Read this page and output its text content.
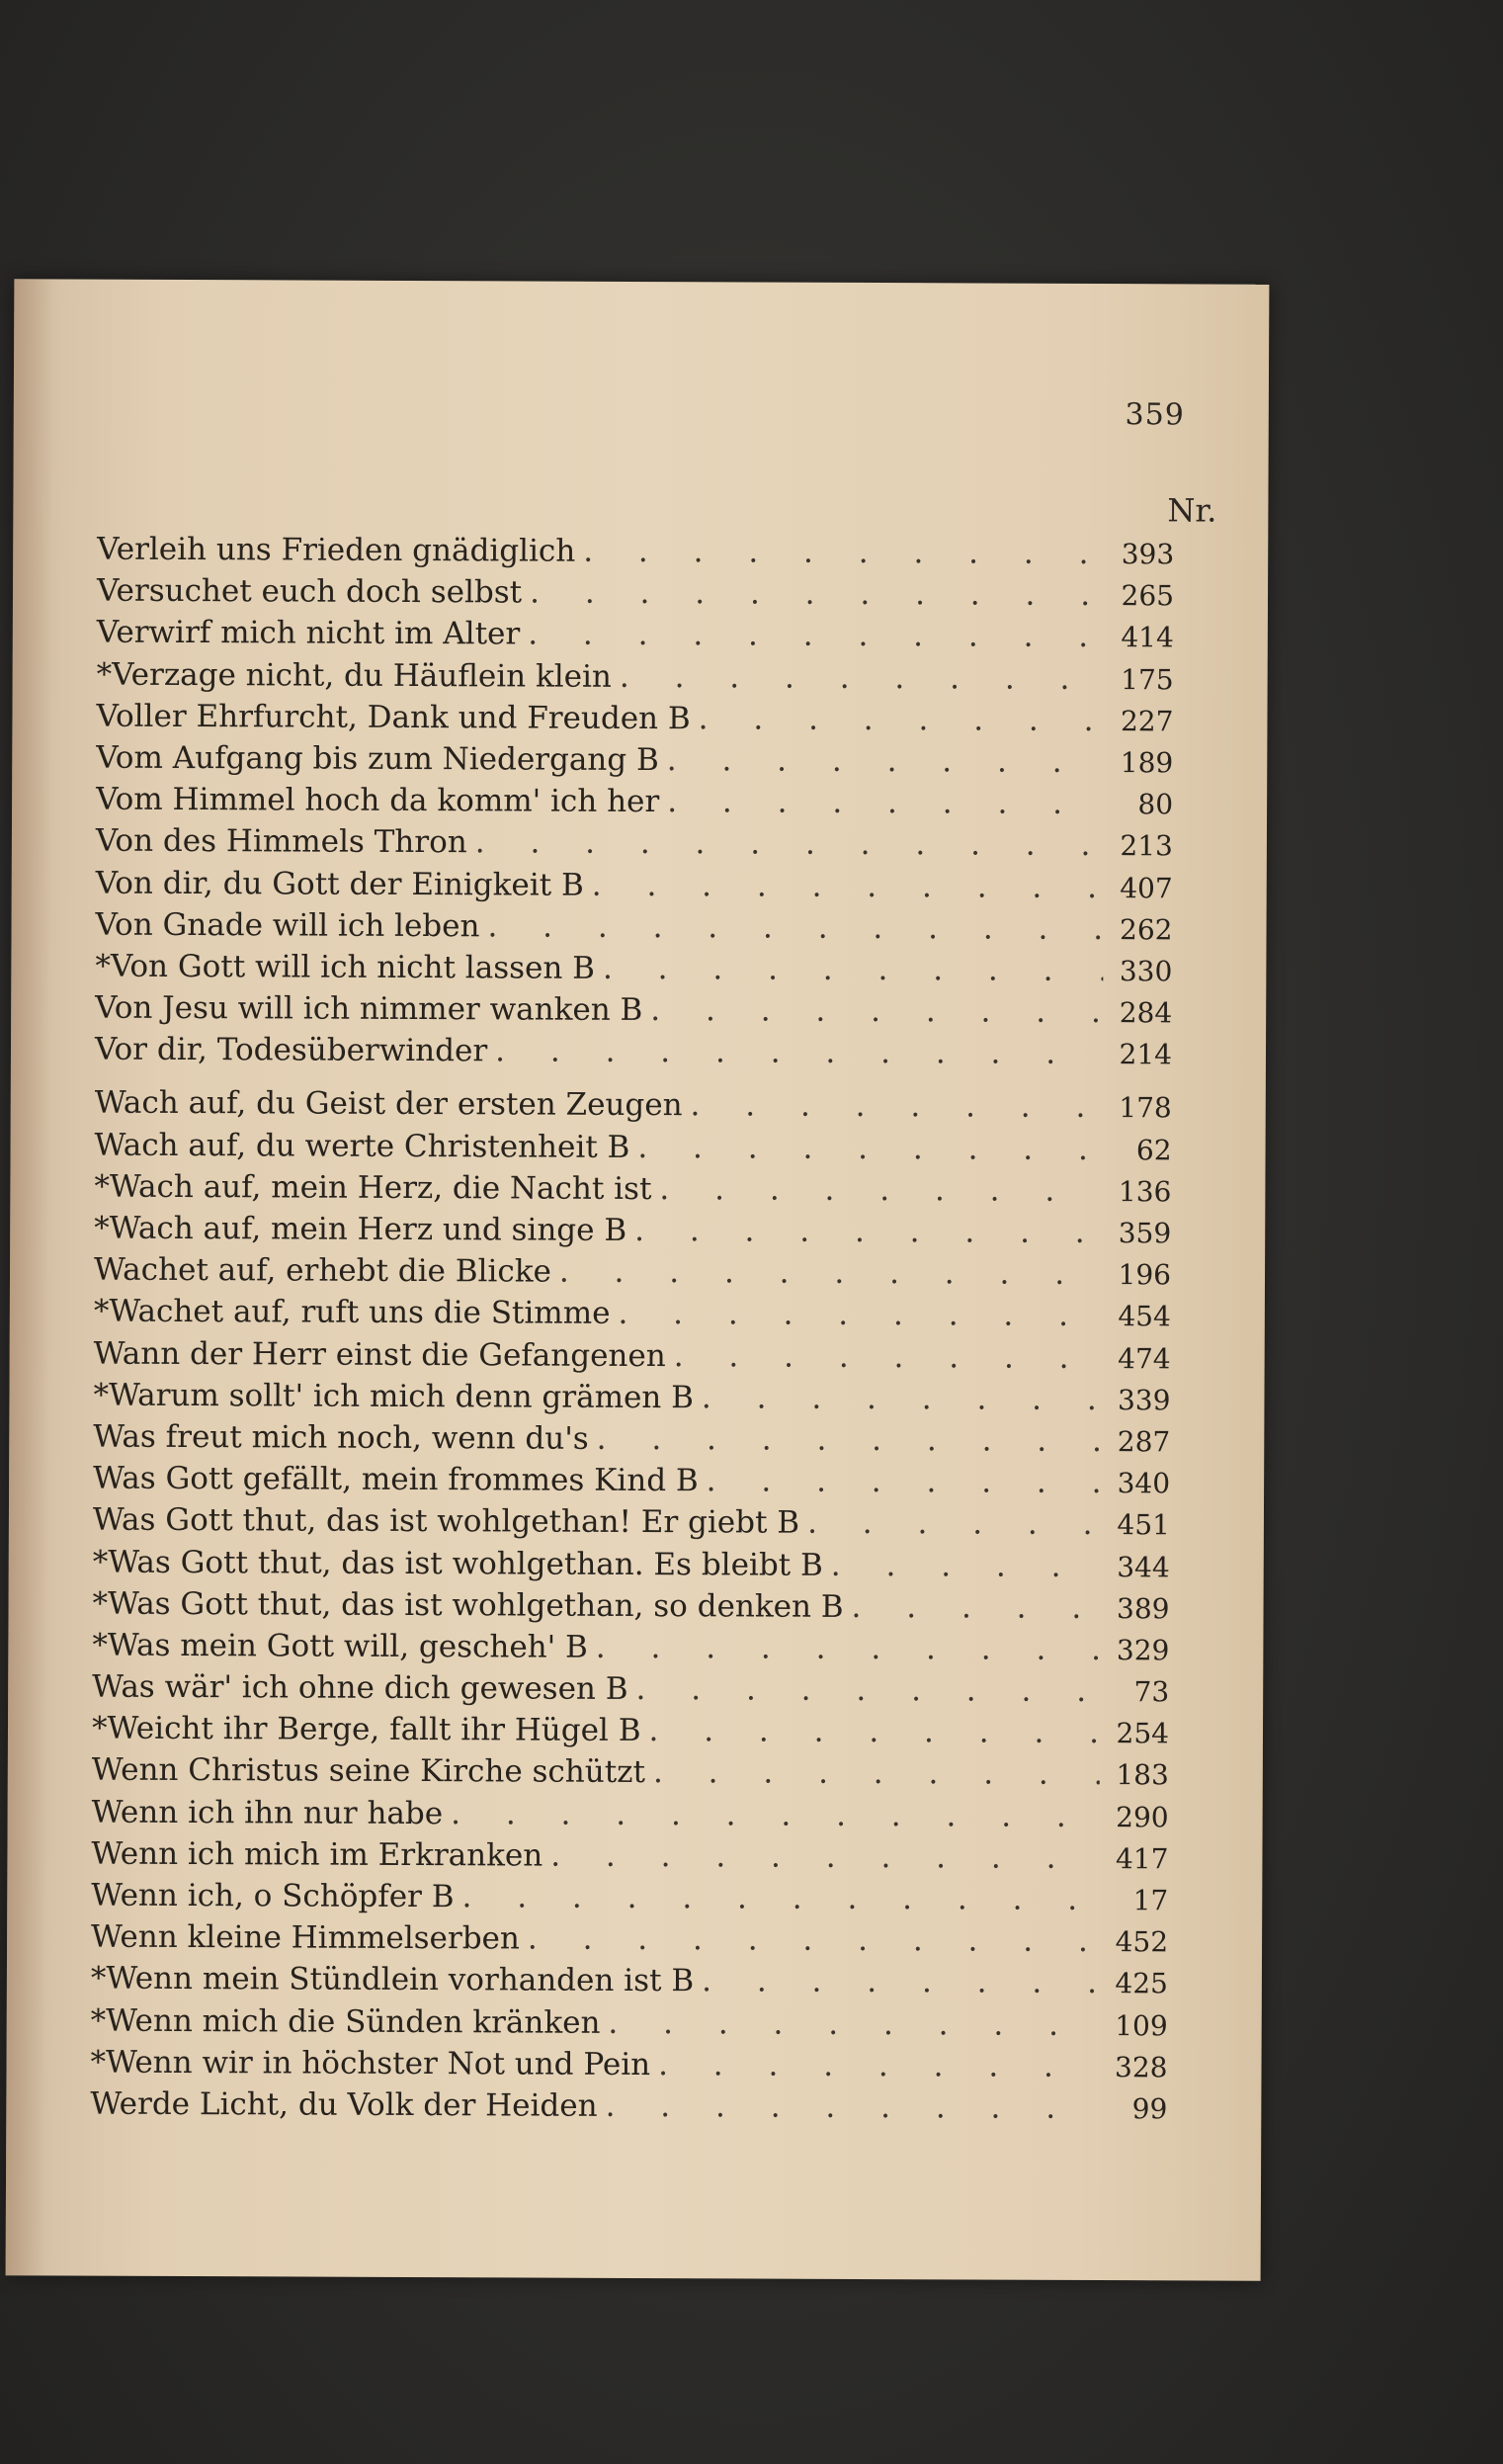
359
Nr.
Verleih uns Frieden gnädiglich . . .	393
Versuchet euch doch selbst . . .	265
Verwirf mich nicht im Alter . . .	414
*Verzage nicht, du Häuflein klein . . .	175
Voller Ehrfurcht, Dank und Freuden B . . .	227
Vom Aufgang bis zum Niedergang B . . .	189
Vom Himmel hoch da komm' ich her . . .	80
Von des Himmels Thron . . .	213
Von dir, du Gott der Einigkeit B . . .	407
Von Gnade will ich leben . . .	262
*Von Gott will ich nicht lassen B . . .	330
Von Jesu will ich nimmer wanken B . . .	284
Vor dir, Todesüberwinder . . .	214
Wach auf, du Geist der ersten Zeugen . . .	178
Wach auf, du werte Christenheit B . . .	62
*Wach auf, mein Herz, die Nacht ist . . .	136
*Wach auf, mein Herz und singe B . . .	359
Wachet auf, erhebt die Blicke . . .	196
*Wachet auf, ruft uns die Stimme . . .	454
Wann der Herr einst die Gefangenen . . .	474
*Warum sollt' ich mich denn grämen B . . .	339
Was freut mich noch, wenn du's . . .	287
Was Gott gefällt, mein frommes Kind B . . .	340
Was Gott thut, das ist wohlgethan! Er giebt B . . .	451
*Was Gott thut, das ist wohlgethan. Es bleibt B . . .	344
*Was Gott thut, das ist wohlgethan, so denken B . . .	389
*Was mein Gott will, gescheh' B . . .	329
Was wär' ich ohne dich gewesen B . . .	73
*Weicht ihr Berge, fallt ihr Hügel B . . .	254
Wenn Christus seine Kirche schützt . . .	183
Wenn ich ihn nur habe . . .	290
Wenn ich mich im Erkranken . . .	417
Wenn ich, o Schöpfer B . . .	17
Wenn kleine Himmelserben . . .	452
*Wenn mein Stündlein vorhanden ist B . . .	425
*Wenn mich die Sünden kränken . . .	109
*Wenn wir in höchster Not und Pein . . .	328
Werde Licht, du Volk der Heiden . . .	99
